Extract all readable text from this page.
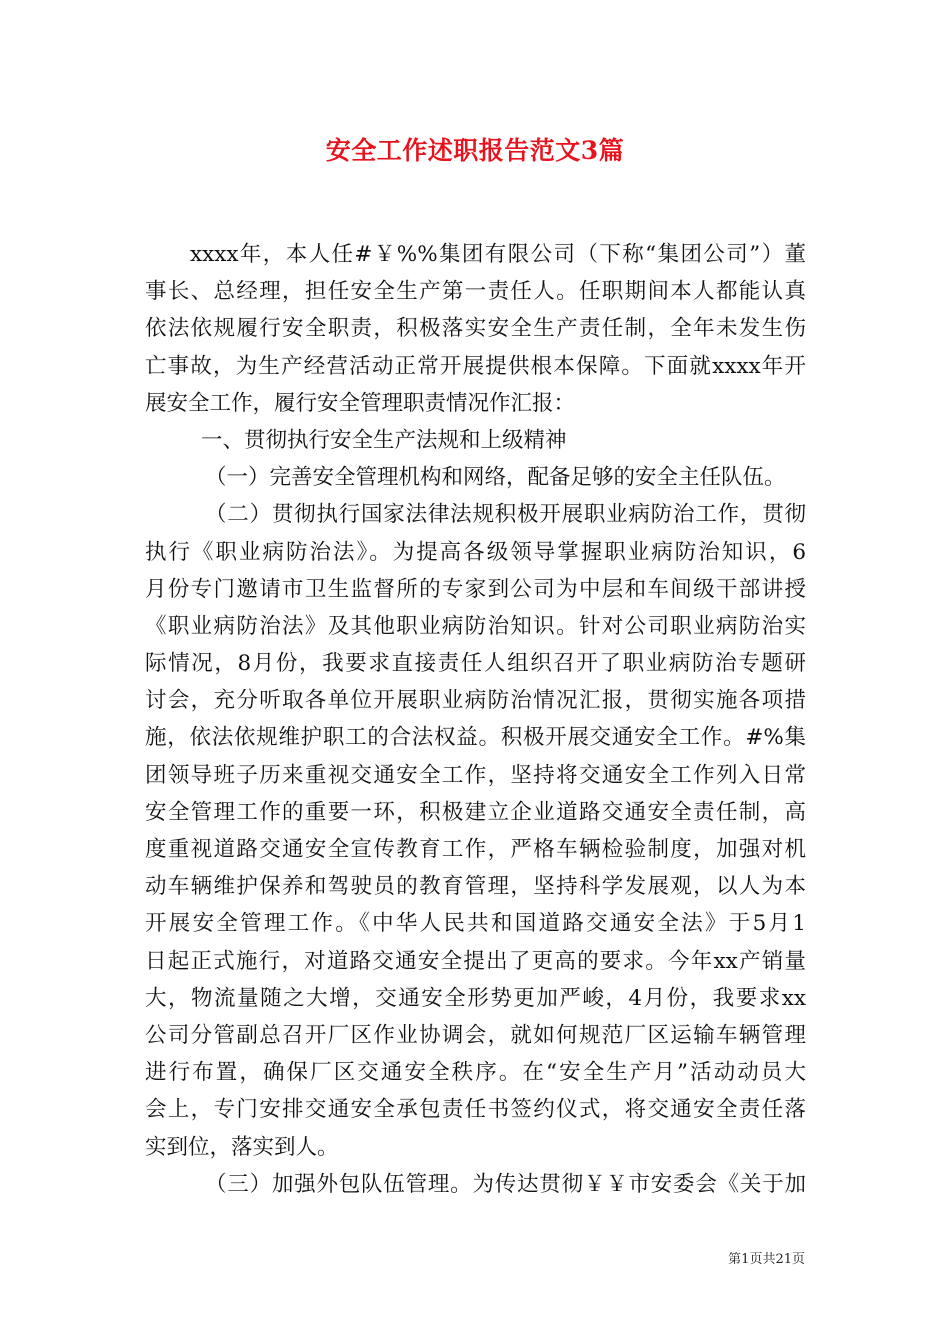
安全工作述职报告范文3篇
xxxx年，本人任#￥%%集团有限公司（下称“集团公司”）董
事长、总经理，担任安全生产第一责任人。任职期间本人都能认真
依法依规履行安全职责，积极落实安全生产责任制，全年未发生伤
亡事故，为生产经营活动正常开展提供根本保障。下面就xxxx年开
展安全工作，履行安全管理职责情况作汇报：
一、贯彻执行安全生产法规和上级精神
（一）完善安全管理机构和网络，配备足够的安全主任队伍。
（二）贯彻执行国家法律法规积极开展职业病防治工作，贯彻
执行《职业病防治法》。为提高各级领导掌握职业病防治知识，6
月份专门邀请市卫生监督所的专家到公司为中层和车间级干部讲授
《职业病防治法》及其他职业病防治知识。针对公司职业病防治实
际情况，8月份，我要求直接责任人组织召开了职业病防治专题研
讨会，充分听取各单位开展职业病防治情况汇报，贯彻实施各项措
施，依法依规维护职工的合法权益。积极开展交通安全工作。#%集
团领导班子历来重视交通安全工作，坚持将交通安全工作列入日常
安全管理工作的重要一环，积极建立企业道路交通安全责任制，高
度重视道路交通安全宣传教育工作，严格车辆检验制度，加强对机
动车辆维护保养和驾驶员的教育管理，坚持科学发展观，以人为本
开展安全管理工作。《中华人民共和国道路交通安全法》于5月1
日起正式施行，对道路交通安全提出了更高的要求。今年xx产销量
大，物流量随之大增，交通安全形势更加严峻，4月份，我要求xx
公司分管副总召开厂区作业协调会，就如何规范厂区运输车辆管理
进行布置，确保厂区交通安全秩序。在“安全生产月”活动动员大
会上，专门安排交通安全承包责任书签约仪式，将交通安全责任落
实到位，落实到人。
（三）加强外包队伍管理。为传达贯彻￥￥市安委会《关于加
第1页共21页
